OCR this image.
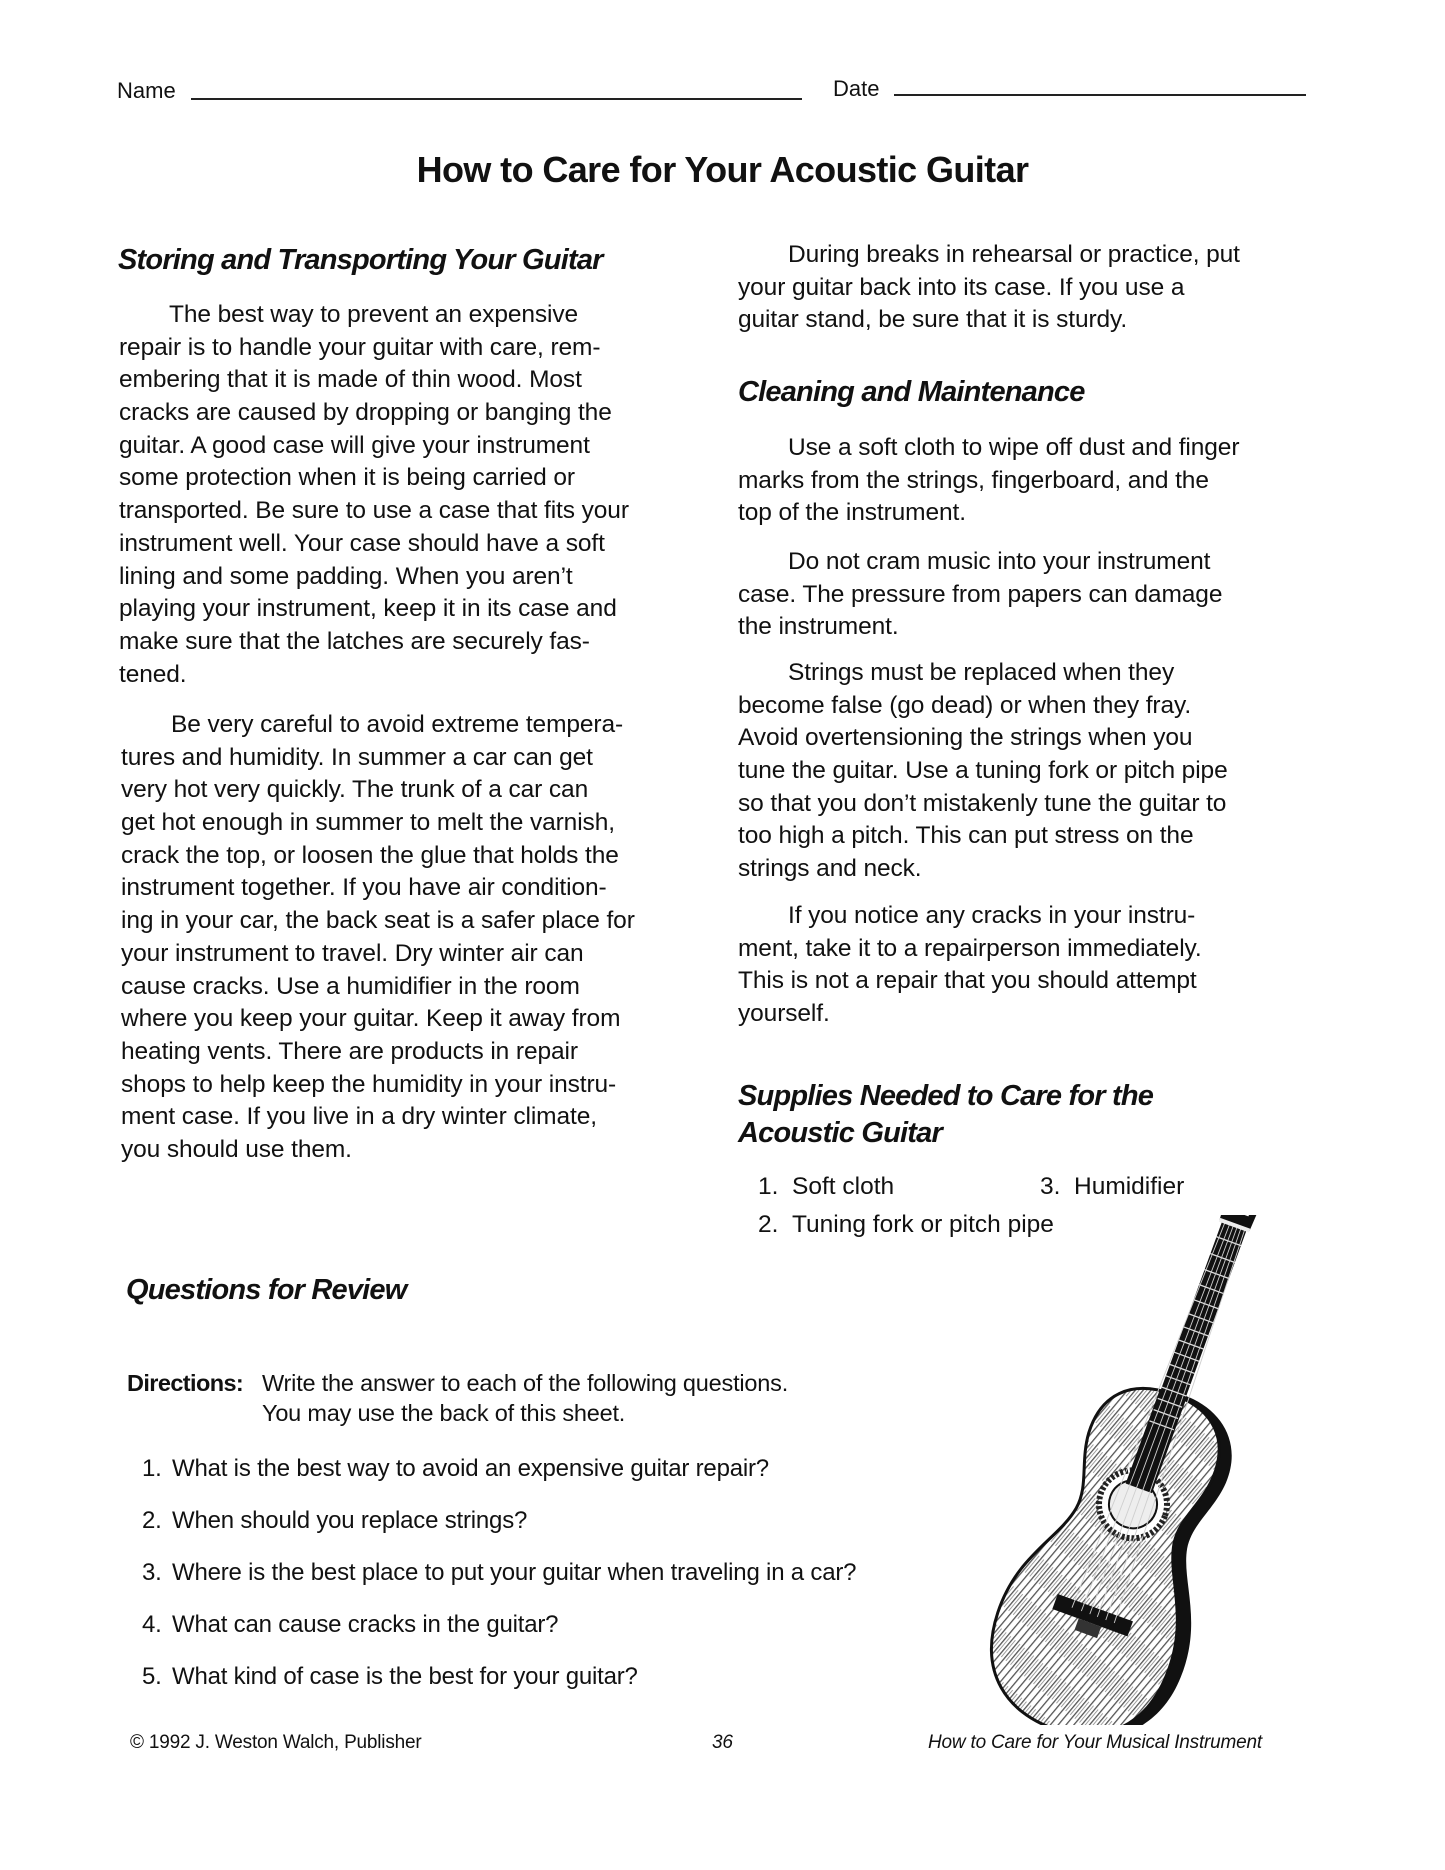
Name	Date
How to Care for Your Acoustic Guitar
Storing and Transporting Your Guitar
The best way to prevent an expensive
repair is to handle your guitar with care, rem-
embering that it is made of thin wood. Most
cracks are caused by dropping or banging the
guitar. A good case will give your instrument
some protection when it is being carried or
transported. Be sure to use a case that fits your
instrument well. Your case should have a soft
lining and some padding. When you aren’t
playing your instrument, keep it in its case and
make sure that the latches are securely fas-
tened.
Be very careful to avoid extreme tempera-
tures and humidity. In summer a car can get
very hot very quickly. The trunk of a car can
get hot enough in summer to melt the varnish,
crack the top, or loosen the glue that holds the
instrument together. If you have air condition-
ing in your car, the back seat is a safer place for
your instrument to travel. Dry winter air can
cause cracks. Use a humidifier in the room
where you keep your guitar. Keep it away from
heating vents. There are products in repair
shops to help keep the humidity in your instru-
ment case. If you live in a dry winter climate,
you should use them.
During breaks in rehearsal or practice, put
your guitar back into its case. If you use a
guitar stand, be sure that it is sturdy.
Cleaning and Maintenance
Use a soft cloth to wipe off dust and finger
marks from the strings, fingerboard, and the
top of the instrument.
Do not cram music into your instrument
case. The pressure from papers can damage
the instrument.
Strings must be replaced when they
become false (go dead) or when they fray.
Avoid overtensioning the strings when you
tune the guitar. Use a tuning fork or pitch pipe
so that you don’t mistakenly tune the guitar to
too high a pitch. This can put stress on the
strings and neck.
If you notice any cracks in your instru-
ment, take it to a repairperson immediately.
This is not a repair that you should attempt
yourself.
Supplies Needed to Care for the
Acoustic Guitar
1. Soft cloth
2. Tuning fork or pitch pipe
3. Humidifier
Questions for Review
Directions: Write the answer to each of the following questions.
You may use the back of this sheet.
1. What is the best way to avoid an expensive guitar repair?
2. When should you replace strings?
3. Where is the best place to put your guitar when traveling in a car?
4. What can cause cracks in the guitar?
5. What kind of case is the best for your guitar?
© 1992 J. Weston Walch, Publisher	36	How to Care for Your Musical Instrument
